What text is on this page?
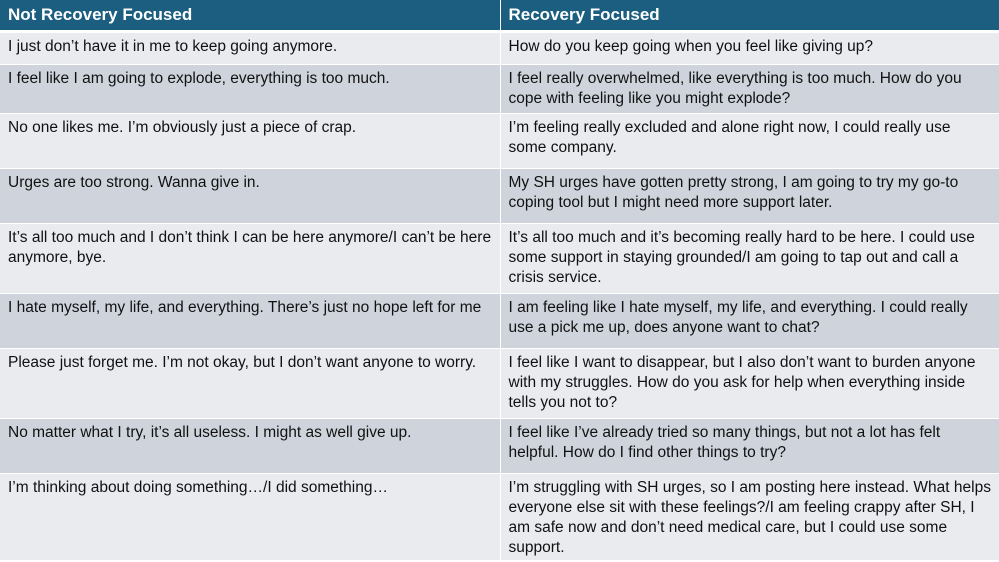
Not Recovery Focused	Recovery Focused
I just don’t have it in me to keep going anymore.	How do you keep going when you feel like giving up?
I feel like I am going to explode, everything is too much.	I feel really overwhelmed, like everything is too much. How do you cope with feeling like you might explode?
No one likes me. I’m obviously just a piece of crap.	I’m feeling really excluded and alone right now, I could really use some company.
Urges are too strong. Wanna give in.	My SH urges have gotten pretty strong, I am going to try my go-to coping tool but I might need more support later.
It’s all too much and I don’t think I can be here anymore/I can’t be here anymore, bye.	It’s all too much and it’s becoming really hard to be here. I could use some support in staying grounded/I am going to tap out and call a crisis service.
I hate myself, my life, and everything. There’s just no hope left for me	I am feeling like I hate myself, my life, and everything. I could really use a pick me up, does anyone want to chat?
Please just forget me. I’m not okay, but I don’t want anyone to worry.	I feel like I want to disappear, but I also don’t want to burden anyone with my struggles. How do you ask for help when everything inside tells you not to?
No matter what I try, it’s all useless. I might as well give up.	I feel like I’ve already tried so many things, but not a lot has felt helpful. How do I find other things to try?
I’m thinking about doing something…/I did something…	I’m struggling with SH urges, so I am posting here instead. What helps everyone else sit with these feelings?/I am feeling crappy after SH, I am safe now and don’t need medical care, but I could use some support.
